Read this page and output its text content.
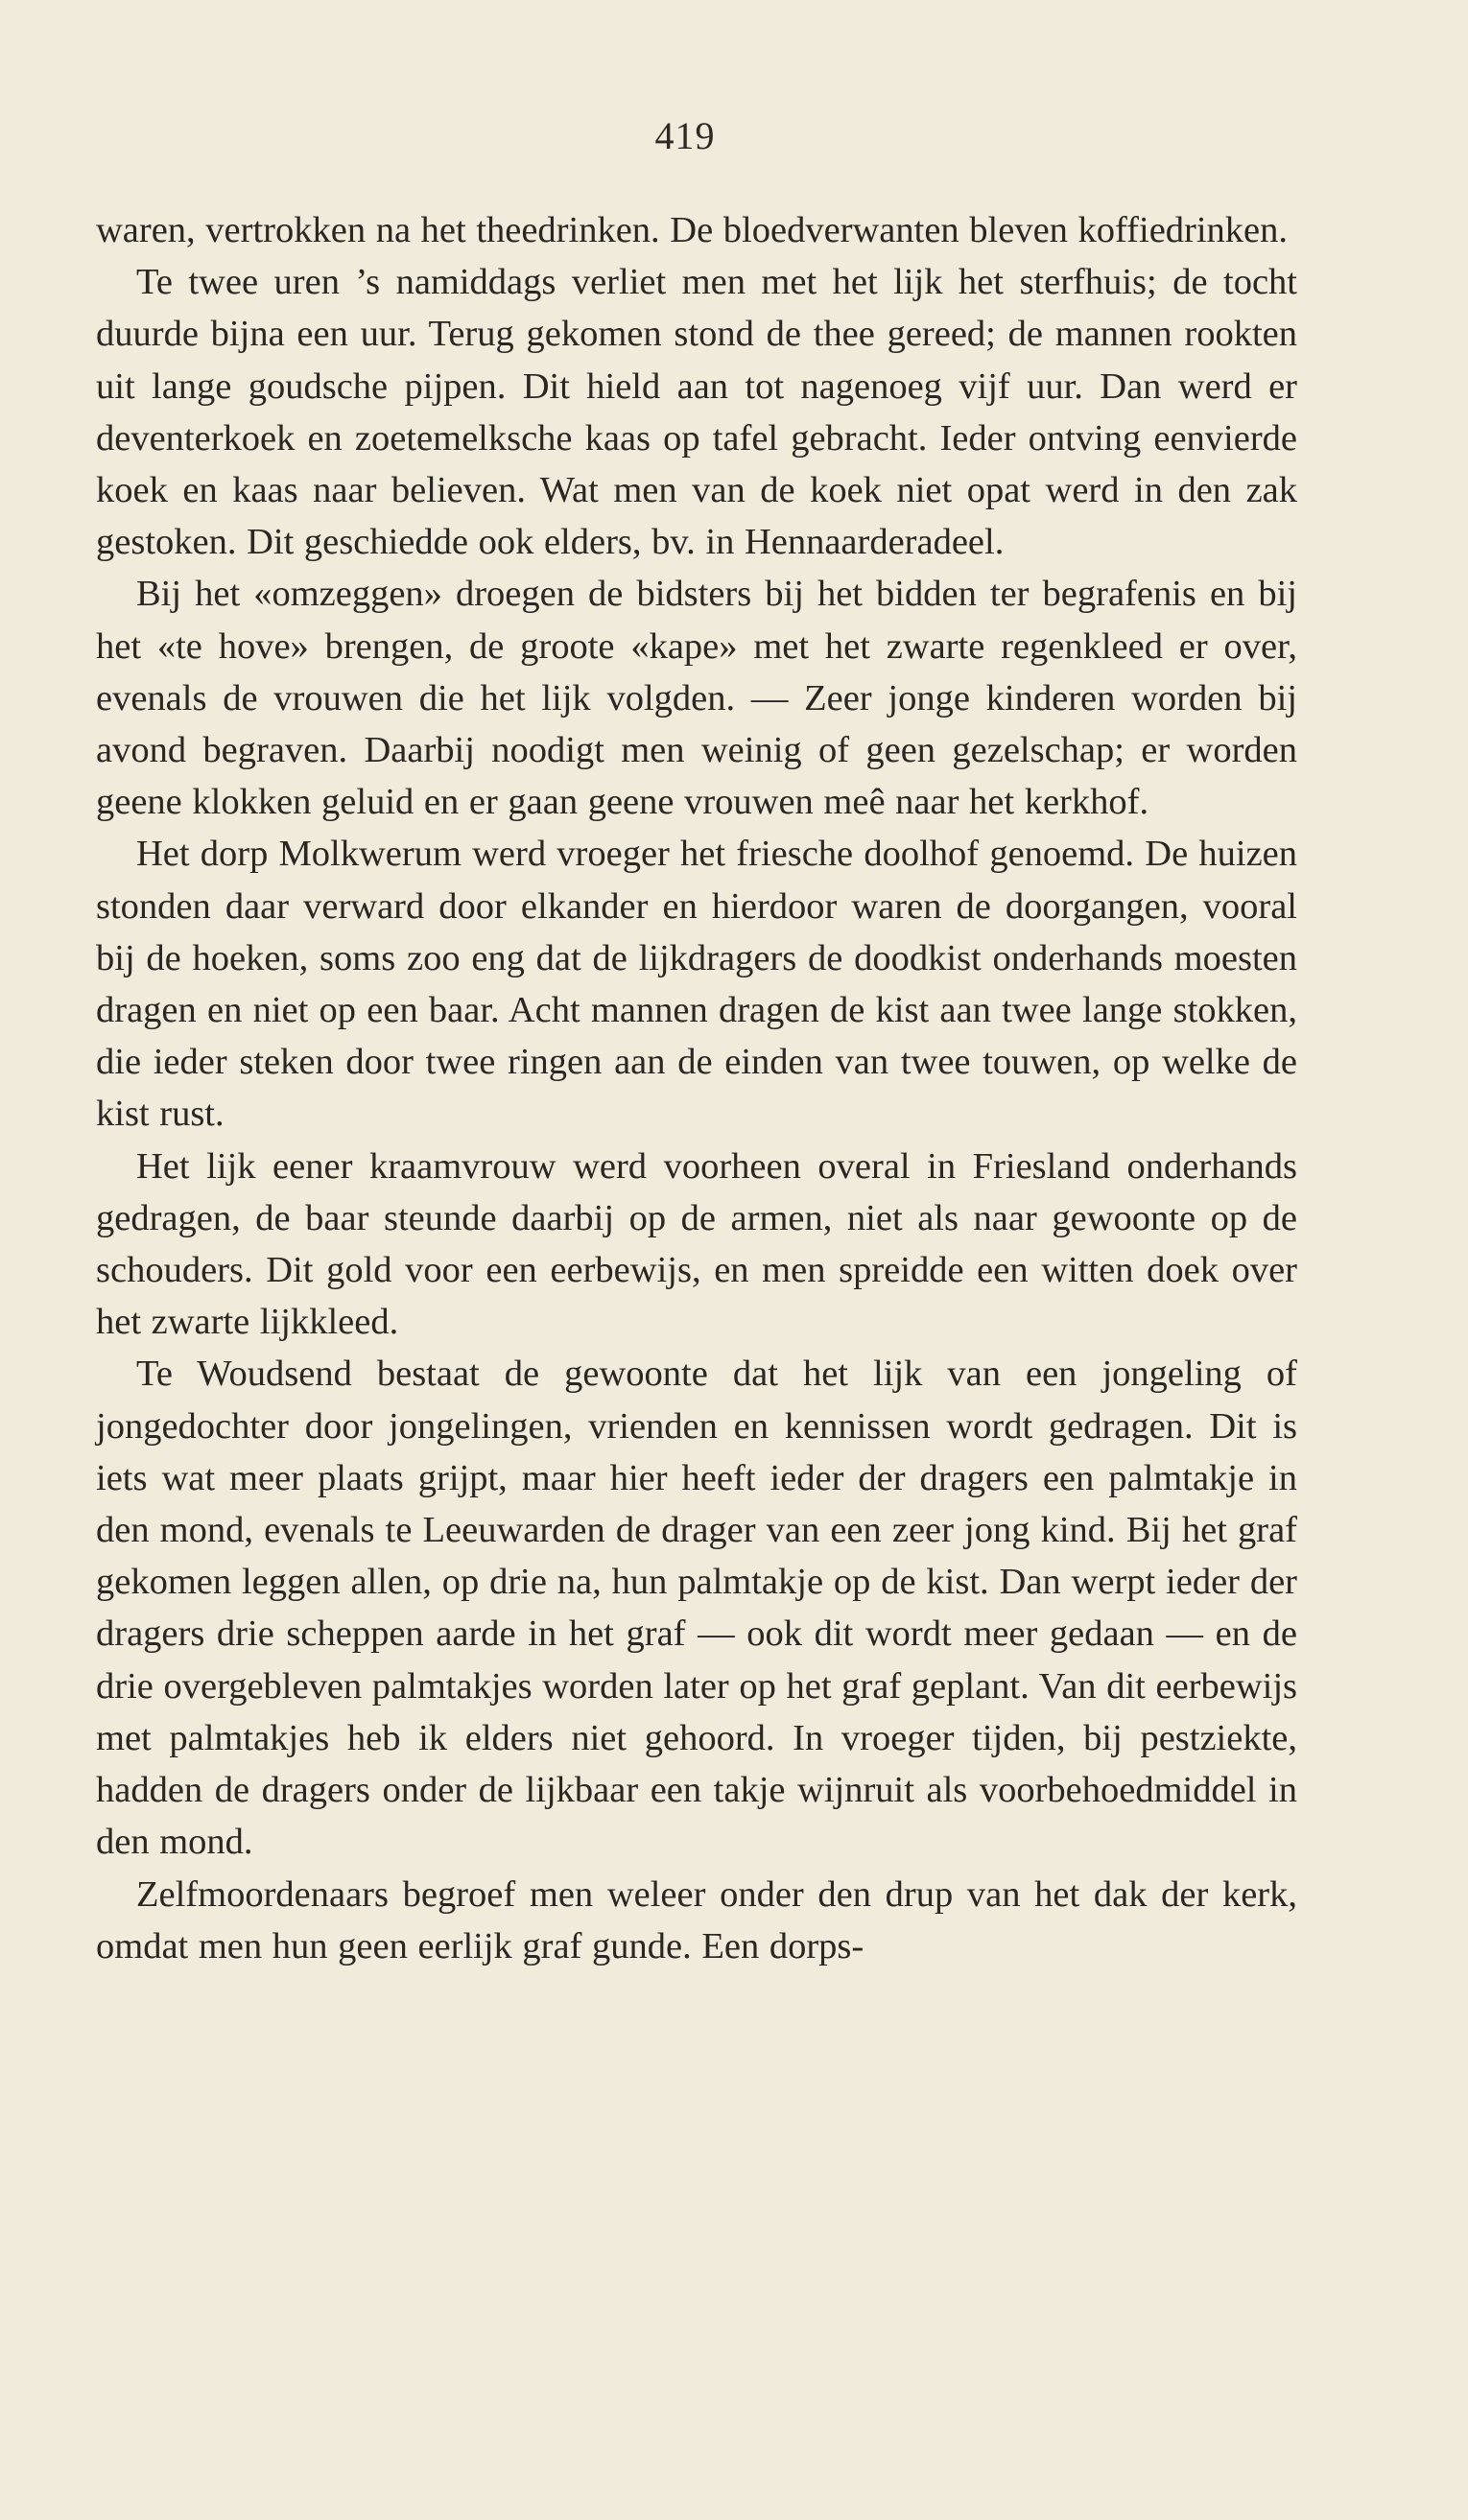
419

waren, vertrokken na het theedrinken. De bloedverwanten bleven koffiedrinken.

Te twee uren ’s namiddags verliet men met het lijk het sterfhuis; de tocht duurde bijna een uur. Terug gekomen stond de thee gereed; de mannen rookten uit lange goudsche pijpen. Dit hield aan tot nagenoeg vijf uur. Dan werd er deventerkoek en zoetemelksche kaas op tafel gebracht. Ieder ontving eenvierde koek en kaas naar believen. Wat men van de koek niet opat werd in den zak gestoken. Dit geschiedde ook elders, bv. in Hennaarderadeel.

Bij het «omzeggen» droegen de bidsters bij het bidden ter begrafenis en bij het «te hove» brengen, de groote «kape» met het zwarte regenkleed er over, evenals de vrouwen die het lijk volgden. — Zeer jonge kinderen worden bij avond begraven. Daarbij noodigt men weinig of geen gezelschap; er worden geene klokken geluid en er gaan geene vrouwen meê naar het kerkhof.

Het dorp Molkwerum werd vroeger het friesche doolhof genoemd. De huizen stonden daar verward door elkander en hierdoor waren de doorgangen, vooral bij de hoeken, soms zoo eng dat de lijkdragers de doodkist onderhands moesten dragen en niet op een baar. Acht mannen dragen de kist aan twee lange stokken, die ieder steken door twee ringen aan de einden van twee touwen, op welke de kist rust.

Het lijk eener kraamvrouw werd voorheen overal in Friesland onderhands gedragen, de baar steunde daarbij op de armen, niet als naar gewoonte op de schouders. Dit gold voor een eerbewijs, en men spreidde een witten doek over het zwarte lijkkleed.

Te Woudsend bestaat de gewoonte dat het lijk van een jongeling of jongedochter door jongelingen, vrienden en kennissen wordt gedragen. Dit is iets wat meer plaats grijpt, maar hier heeft ieder der dragers een palmtakje in den mond, evenals te Leeuwarden de drager van een zeer jong kind. Bij het graf gekomen leggen allen, op drie na, hun palmtakje op de kist. Dan werpt ieder der dragers drie scheppen aarde in het graf — ook dit wordt meer gedaan — en de drie overgebleven palmtakjes worden later op het graf geplant. Van dit eerbewijs met palmtakjes heb ik elders niet gehoord. In vroeger tijden, bij pestziekte, hadden de dragers onder de lijkbaar een takje wijnruit als voorbehoedmiddel in den mond.

Zelfmoordenaars begroef men weleer onder den drup van het dak der kerk, omdat men hun geen eerlijk graf gunde. Een dorps-
